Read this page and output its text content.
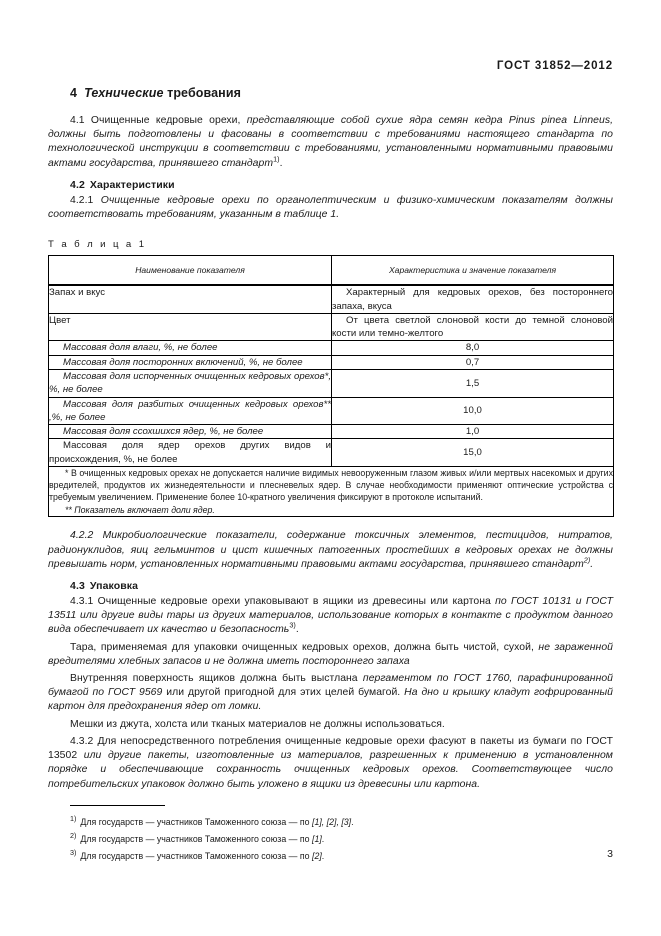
ГОСТ 31852—2012
4 Технические требования

4.1 Очищенные кедровые орехи, представляющие собой сухие ядра семян кедра Pinus pinea Linneus, должны быть подготовлены и фасованы в соответствии с требованиями настоящего стандарта по технологической инструкции в соответствии с требованиями, установленными нормативными правовыми актами государства, принявшего стандарт$^{1)}$.

4.2 Характеристики

4.2.1 Очищенные кедровые орехи по органолептическим и физико-химическим показателям должны соответствовать требованиям, указанным в таблице 1.

Т а б л и ц а 1
Наименование показателя	Характеристика и значение показателя

Запах и вкус	Характерный для кедровых орехов, без постороннего запаха, вкуса
Цвет	От цвета светлой слоновой кости до темной слоновой кости или темно-желтого
Массовая доля влаги, %, не более	8,0
Массовая доля посторонних включений, %, не более	0,7
Массовая доля испорченных очищенных кедровых орехов*, %, не более	1,5
Массовая доля разбитых очищенных кедровых орехов** ,%, не более	10,0
Массовая доля ссохшихся ядер, %, не более	1,0
Массовая доля ядер орехов других видов и происхождения, %, не более	15,0

* В очищенных кедровых орехах не допускается наличие видимых невооруженным глазом живых и/или мертвых насекомых и других вредителей, продуктов их жизнедеятельности и плесневелых ядер. В случае необходимости применяют оптические устройства с требуемым увеличением. Применение более 10-кратного увеличения фиксируют в протоколе испытаний.

** Показатель включает доли ядер.	

4.2.2 Микробиологические показатели, содержание токсичных элементов, пестицидов, нитратов, радионуклидов, яиц гельминтов и цист кишечных патогенных простейших в кедровых орехах не должны превышать норм, установленных нормативными правовыми актами государства, принявшего стандарт$^{2)}$.

4.3 Упаковка

4.3.1 Очищенные кедровые орехи упаковывают в ящики из древесины или картона по ГОСТ 10131 и ГОСТ 13511 или другие виды тары из других материалов, использование которых в контакте с продуктом данного вида обеспечивает их качество и безопасность$^{3)}$.

Тара, применяемая для упаковки очищенных кедровых орехов, должна быть чистой, сухой, не зараженной вредителями хлебных запасов и не должна иметь постороннего запаха

Внутренняя поверхность ящиков должна быть выстлана пергаментом по ГОСТ 1760, парафинированной бумагой по ГОСТ 9569 или другой пригодной для этих целей бумагой. На дно и крышку кладут гофрированный картон для предохранения ядер от ломки.

Мешки из джута, холста или тканых материалов не должны использоваться.

4.3.2 Для непосредственного потребления очищенные кедровые орехи фасуют в пакеты из бумаги по ГОСТ 13502 или другие пакеты, изготовленные из материалов, разрешенных к применению в установленном порядке и обеспечивающие сохранность очищенных кедровых орехов. Соответствующее число потребительских упаковок должно быть уложено в ящики из древесины или картона.

$^{1)}$ Для государств — участников Таможенного союза — по [1], [2], [3].
$^{2)}$ Для государств — участников Таможенного союза — по [1].
$^{3)}$ Для государств — участников Таможенного союза — по [2].	3
